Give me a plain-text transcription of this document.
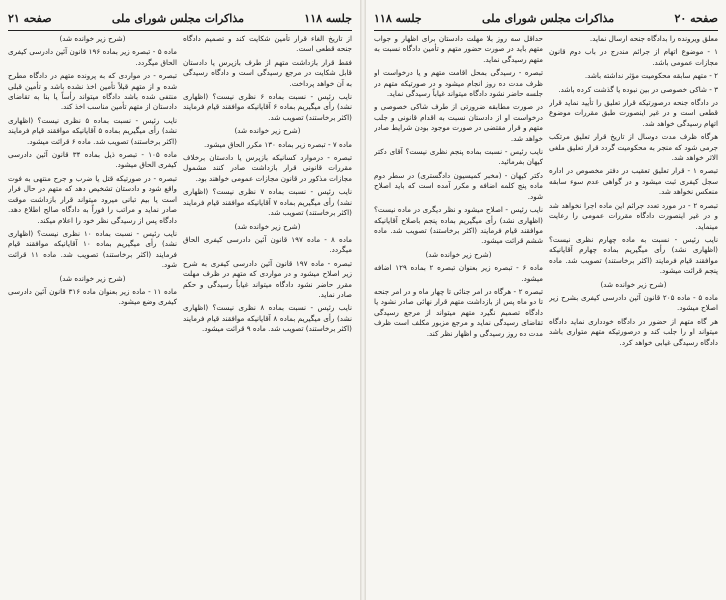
صفحه ۲۱	مذاکرات مجلس شورای ملی	جلسه ۱۱۸

از تاریخ الغاء قرار تأمین شکایت کند و تصمیم دادگاه جنحه قطعی است.

فقط قرار بازداشت متهم از طرف بازپرس یا دادستان قابل شکایت در مرجع رسیدگی است و دادگاه رسیدگی به آن خواهد پرداخت.

نایب رئیس - نسبت بماده ۶ نظری نیست؟ (اظهاری نشد) رأی میگیریم بماده ۶ آقایانیکه موافقند قیام فرمایند (اکثر برخاستند) تصویب شد.

(شرح زیر خوانده شد)

ماده ۷ - تبصره زیر بماده ۱۳۰ مکرر الحاق میشود.

تبصره - درموارد کسانیکه بازپرس یا دادستان برخلاف مقررات قانونی قرار بازداشت صادر کنند مشمول مجازات مذکور در قانون مجازات عمومی خواهند بود.

نایب رئیس - نسبت بماده ۷ نظری نیست؟ (اظهاری نشد) رأی میگیریم بماده ۷ آقایانیکه موافقند قیام فرمایند (اکثر برخاستند) تصویب شد.

(شرح زیر خوانده شد)

ماده ۸ - ماده ۱۹۷ قانون آئین دادرسی کیفری الحاق میگردد.

تبصره - ماده ۱۹۷ قانون آئین دادرسی کیفری به شرح زیر اصلاح میشود و در مواردی که متهم در ظرف مهلت مقرر حاضر نشود دادگاه میتواند غیاباً رسیدگی و حکم صادر نماید.

نایب رئیس - نسبت بماده ۸ نظری نیست؟ (اظهاری نشد) رأی میگیریم بماده ۸ آقایانیکه موافقند قیام فرمایند (اکثر برخاستند) تصویب شد. ماده ۹ قرائت میشود.

(شرح زیر خوانده شد)

ماده ۵ - تبصره زیر بماده ۱۹۶ قانون آئین دادرسی کیفری الحاق میگردد.

تبصره - در مواردی که به پرونده متهم در دادگاه مطرح شده و از متهم قبلاً تأمین اخذ نشده باشد و تأمین قبلی منتفی شده باشد دادگاه میتواند رأساً یا بنا به تقاضای دادستان از متهم تأمین مناسب اخذ کند.

نایب رئیس - نسبت بماده ۵ نظری نیست؟ (اظهاری نشد) رأی میگیریم بماده ۵ آقایانیکه موافقند قیام فرمایند (اکثر برخاستند) تصویب شد. ماده ۶ قرائت میشود.

ماده ۱۰۵ - تبصره ذیل بماده ۳۴ قانون آئین دادرسی کیفری الحاق میشود.

تبصره - در صورتیکه قتل یا ضرب و جرح منتهی به فوت واقع شود و دادستان تشخیص دهد که متهم در حال فرار است یا بیم تبانی میرود میتواند قرار بازداشت موقت صادر نماید و مراتب را فوراً به دادگاه صالح اطلاع دهد. دادگاه پس از رسیدگی نظر خود را اعلام میکند.

نایب رئیس - نسبت بماده ۱۰ نظری نیست؟ (اظهاری نشد) رأی میگیریم بماده ۱۰ آقایانیکه موافقند قیام فرمایند (اکثر برخاستند) تصویب شد. ماده ۱۱ قرائت شود.

(شرح زیر خوانده شد)

ماده ۱۱ - ماده زیر بعنوان ماده ۳۱۶ قانون آئین دادرسی کیفری وضع میشود.

صفحه ۲۰
مذاکرات مجلس شورای ملی
جلسه ۱۱۸

معلق ویرونده را بدادگاه جنحه ارسال نماید.

۱ - موضوع اتهام از جرائم مندرج در باب دوم قانون مجازات عمومی باشد.

۲ - متهم سابقه محکومیت مؤثر نداشته باشد.

۳ - شاکی خصوصی در بین نبوده یا گذشت کرده باشد.

در دادگاه جنحه درصورتیکه قرار تعلیق را تأیید نماید قرار قطعی است و در غیر اینصورت طبق مقررات موضوع اتهام رسیدگی خواهد شد.

هرگاه ظرف مدت دوسال از تاریخ قرار تعلیق مرتکب جرمی شود که منجر به محکومیت گردد قرار تعلیق ملغی الاثر خواهد شد.

تبصره ۱ - قرار تعلیق تعقیب در دفتر مخصوص در اداره سجل کیفری ثبت میشود و در گواهی عدم سوء سابقه منعکس نخواهد شد.

تبصره ۲ - در مورد تعدد جرائم این ماده اجرا نخواهد شد و در غیر اینصورت دادگاه مقررات عمومی را رعایت مینماید.

نایب رئیس - نسبت به ماده چهارم نظری نیست؟ (اظهاری نشد) رأی میگیریم بماده چهارم آقایانیکه موافقند قیام فرمایند (اکثر برخاستند) تصویب شد. ماده پنجم قرائت میشود.

(شرح زیر خوانده شد)

ماده ۵ - ماده ۲۰۵ قانون آئین دادرسی کیفری بشرح زیر اصلاح میشود.

هر گاه متهم از حضور در دادگاه خودداری نماید دادگاه میتواند او را جلب کند و درصورتیکه متهم متواری باشد دادگاه رسیدگی غیابی خواهد کرد.

حداقل سه روز بلا مهلت دادستان برای اظهار و جواب متهم باید در صورت حضور متهم و تأمین دادگاه نسبت به متهم رسیدگی نماید.

تبصره - رسیدگی بمحل اقامت متهم و یا درخواست او ظرف مدت ده روز انجام میشود و در صورتیکه متهم در جلسه حاضر نشود دادگاه میتواند غیاباً رسیدگی نماید.

در صورت مطابقه ضرورتی از طرف شاکی خصوصی و درخواست او از دادستان نسبت به اقدام قانونی و جلب متهم و قرار مقتضی در صورت موجود بودن شرایط صادر خواهد شد.

نایب رئیس - نسبت بماده پنجم نظری نیست؟ آقای دکتر کیهان بفرمائید.

دکتر کیهان - (مخبر کمیسیون دادگستری) در سطر دوم ماده پنج کلمه اضافه و مکرر آمده است که باید اصلاح شود.

نایب رئیس - اصلاح میشود و نظر دیگری در ماده نیست؟ (اظهاری نشد) رأی میگیریم بماده پنجم باصلاح آقایانیکه موافقند قیام فرمایند (اکثر برخاستند) تصویب شد. ماده ششم قرائت میشود.

(شرح زیر خوانده شد)

ماده ۶ - تبصره زیر بعنوان تبصره ۲ بماده ۱۲۹ اضافه میشود.

تبصره ۲ - هرگاه در امر جنائی تا چهار ماه و در امر جنحه تا دو ماه پس از بازداشت متهم قرار نهائی صادر نشود یا دادگاه تصمیم نگیرد متهم میتواند از مرجع رسیدگی تقاضای رسیدگی نماید و مرجع مزبور مکلف است ظرف مدت ده روز رسیدگی و اظهار نظر کند.
